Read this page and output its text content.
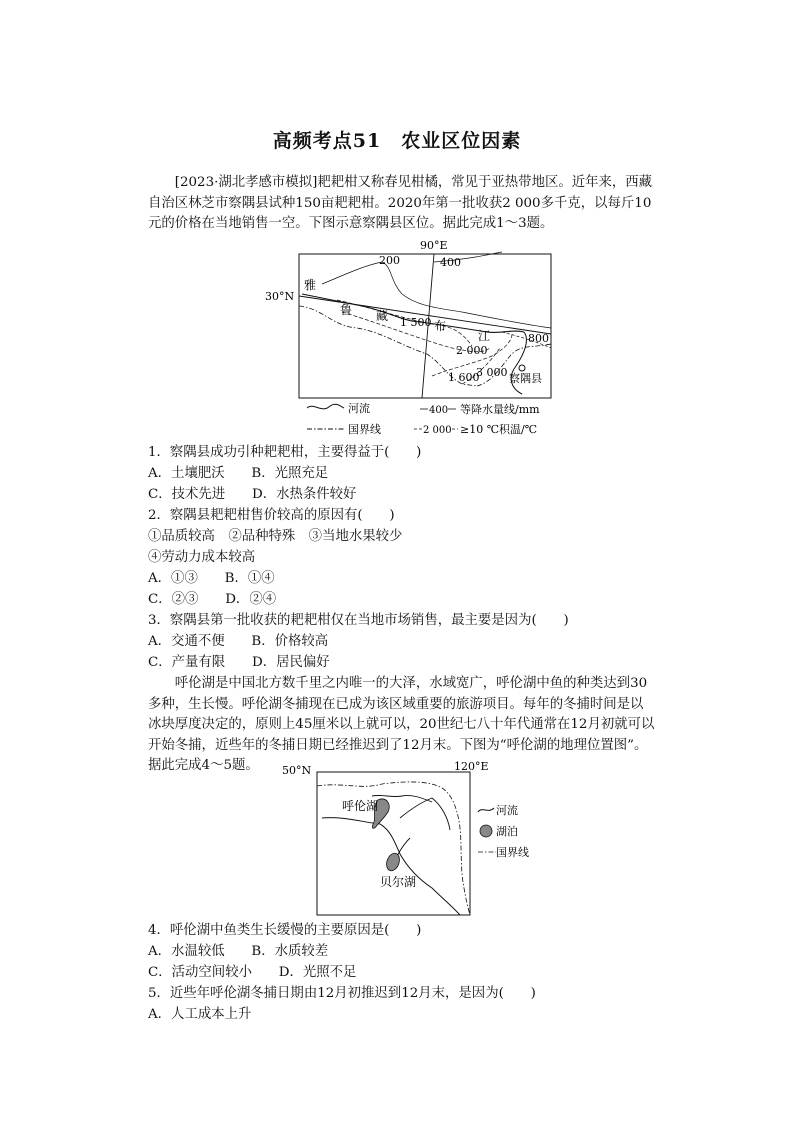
高频考点51　农业区位因素

[2023·湖北孝感市模拟]耙耙柑又称春见柑橘，常见于亚热带地区。近年来，西藏自治区林芝市察隅县试种150亩耙耙柑。2020年第一批收获2 000多千克，以每斤10元的价格在当地销售一空。下图示意察隅县区位。据此完成1～3题。

90°E
30°N
200	400
800
1 500
2 000
1 600
3 000
雅
鲁 藏
布
江
察隅县
河流
国界线
400 等降水量线/mm
2 000 ≥10 ℃积温/℃

1．察隅县成功引种耙耙柑，主要得益于(　　)

A．土壤肥沃　　B．光照充足

C．技术先进　　D．水热条件较好

2．察隅县耙耙柑售价较高的原因有(　　)

①品质较高　②品种特殊　③当地水果较少

④劳动力成本较高

A．①③　　B．①④

C．②③　　D．②④

3．察隅县第一批收获的耙耙柑仅在当地市场销售，最主要是因为(　　)

A．交通不便　　B．价格较高

C．产量有限　　D．居民偏好

呼伦湖是中国北方数千里之内唯一的大泽，水域宽广，呼伦湖中鱼的种类达到30多种，生长慢。呼伦湖冬捕现在已成为该区域重要的旅游项目。每年的冬捕时间是以冰块厚度决定的，原则上45厘米以上就可以，20世纪七八十年代通常在12月初就可以开始冬捕，近些年的冬捕日期已经推迟到了12月末。下图为“呼伦湖的地理位置图”。据此完成4～5题。	50°N	120°E
呼伦湖
贝尔湖
河流
湖泊
国界线

4．呼伦湖中鱼类生长缓慢的主要原因是(　　)

A．水温较低　　B．水质较差

C．活动空间较小　　D．光照不足

5．近些年呼伦湖冬捕日期由12月初推迟到12月末，是因为(　　)

A．人工成本上升
